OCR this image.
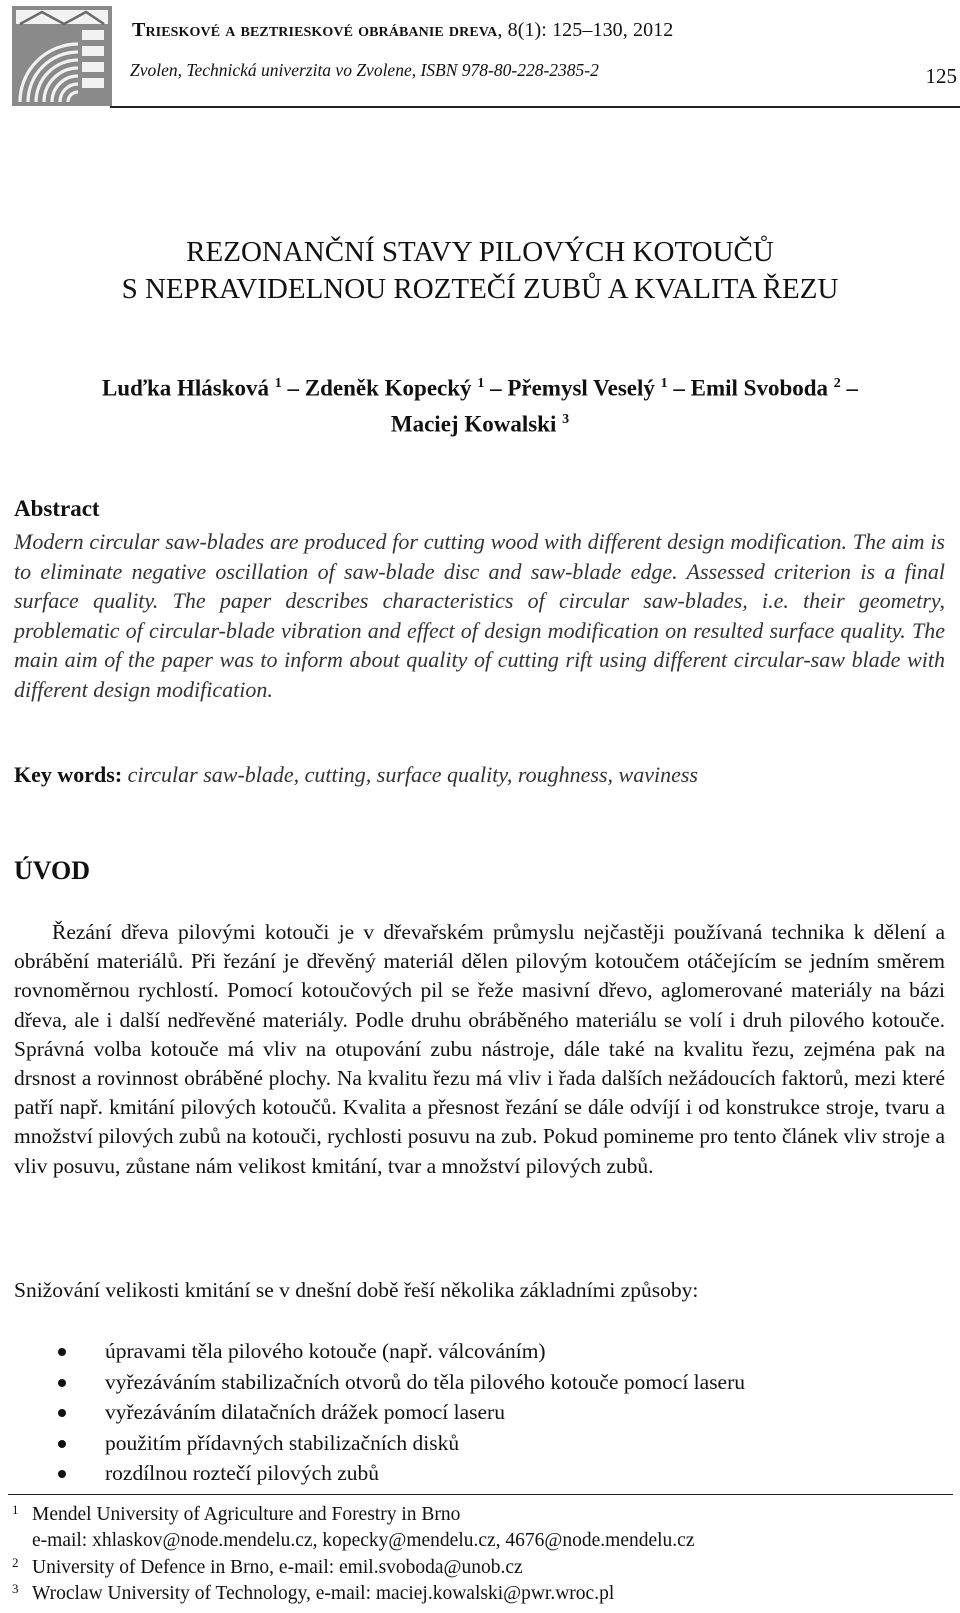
Trieskové a beztrieskové obrábanie dreva, 8(1): 125–130, 2012
Zvolen, Technická univerzita vo Zvolene, ISBN 978-80-228-2385-2	125
REZONANČNÍ STAVY PILOVÝCH KOTOUČŮ
S NEPRAVIDELNOU ROZTEČÍ ZUBŮ A KVALITA ŘEZU
Luďka Hlásková $^1$ – Zdeněk Kopecký $^1$ – Přemysl Veselý $^1$ – Emil Svoboda $^2$ –
Maciej Kowalski $^3$
Abstract
Modern circular saw-blades are produced for cutting wood with different design modification. The aim is to eliminate negative oscillation of saw-blade disc and saw-blade edge. Assessed criterion is a final surface quality. The paper describes characteristics of circular saw-blades, i.e. their geometry, problematic of circular-blade vibration and effect of design modification on resulted surface quality. The main aim of the paper was to inform about quality of cutting rift using different circular-saw blade with different design modification.
Key words: circular saw-blade, cutting, surface quality, roughness, waviness
ÚVOD
Řezání dřeva pilovými kotouči je v dřevařském průmyslu nejčastěji používaná technika k dělení a obrábění materiálů. Při řezání je dřevěný materiál dělen pilovým kotoučem otáčejícím se jedním směrem rovnoměrnou rychlostí. Pomocí kotoučových pil se řeže masivní dřevo, aglomerované materiály na bázi dřeva, ale i další nedřevěné materiály. Podle druhu obráběného materiálu se volí i druh pilového kotouče. Správná volba kotouče má vliv na otupování zubu nástroje, dále také na kvalitu řezu, zejména pak na drsnost a rovinnost obráběné plochy. Na kvalitu řezu má vliv i řada dalších nežádoucích faktorů, mezi které patří např. kmitání pilových kotoučů. Kvalita a přesnost řezání se dále odvíjí i od konstrukce stroje, tvaru a množství pilových zubů na kotouči, rychlosti posuvu na zub. Pokud pomineme pro tento článek vliv stroje a vliv posuvu, zůstane nám velikost kmitání, tvar a množství pilových zubů.
Snižování velikosti kmitání se v dnešní době řeší několika základními způsoby:
úpravami těla pilového kotouče (např. válcováním)
vyřezáváním stabilizačních otvorů do těla pilového kotouče pomocí laseru
vyřezáváním dilatačních drážek pomocí laseru
použitím přídavných stabilizačních disků
rozdílnou roztečí pilových zubů
1 Mendel University of Agriculture and Forestry in Brno
e-mail: xhlaskov@node.mendelu.cz, kopecky@mendelu.cz, 4676@node.mendelu.cz
2 University of Defence in Brno, e-mail: emil.svoboda@unob.cz
3 Wroclaw University of Technology, e-mail: maciej.kowalski@pwr.wroc.pl
